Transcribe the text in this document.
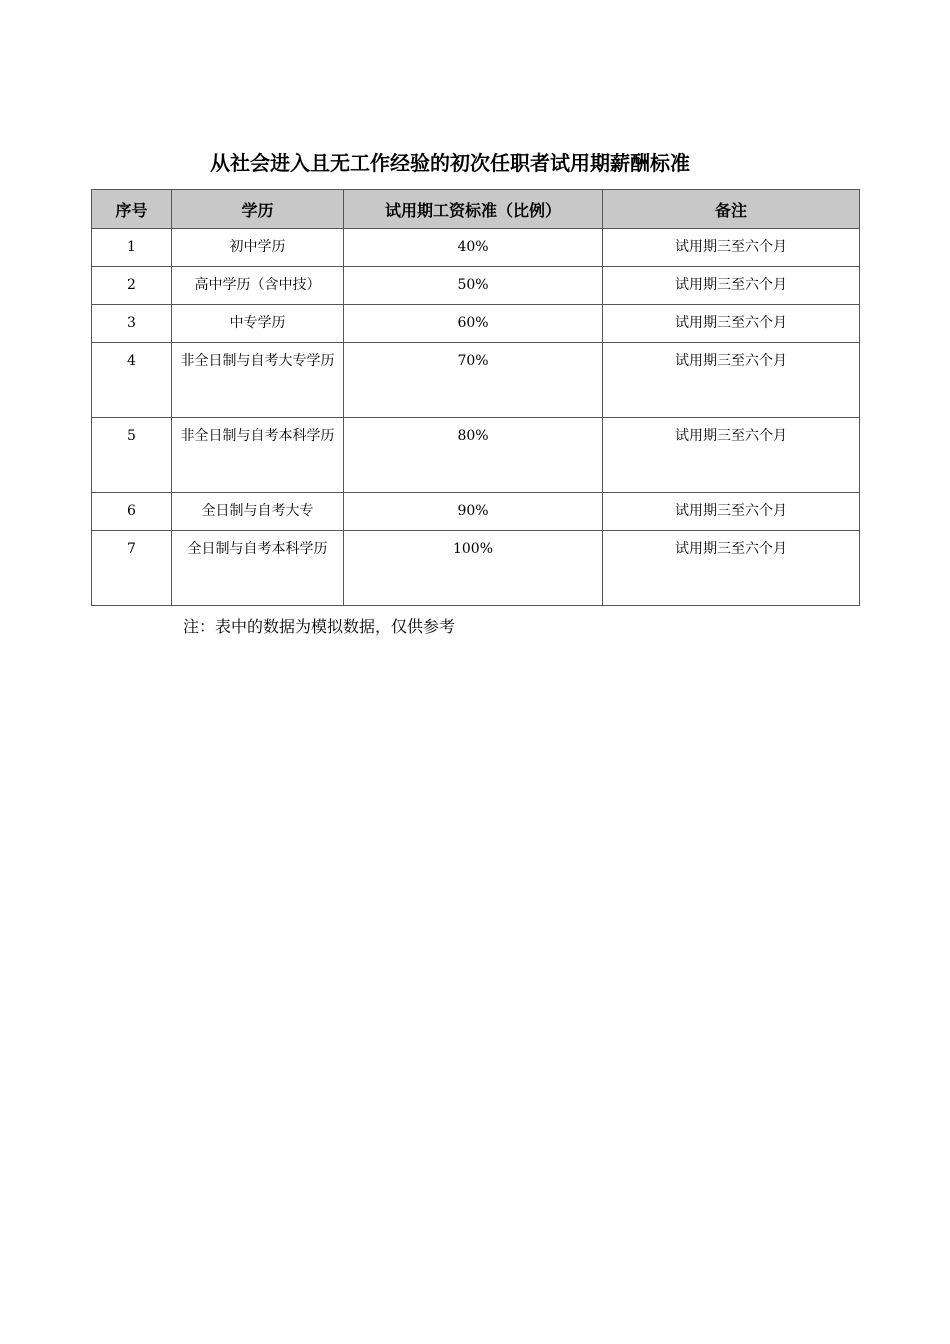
从社会进入且无工作经验的初次任职者试用期薪酬标准
序号	学历	试用期工资标准（比例）	备注
1	初中学历	40%	试用期三至六个月
2	高中学历（含中技）	50%	试用期三至六个月
3	中专学历	60%	试用期三至六个月
4	非全日制与自考大专学历	70%	试用期三至六个月
5	非全日制与自考本科学历	80%	试用期三至六个月
6	全日制与自考大专	90%	试用期三至六个月
7	全日制与自考本科学历	100%	试用期三至六个月
注：表中的数据为模拟数据，仅供参考
